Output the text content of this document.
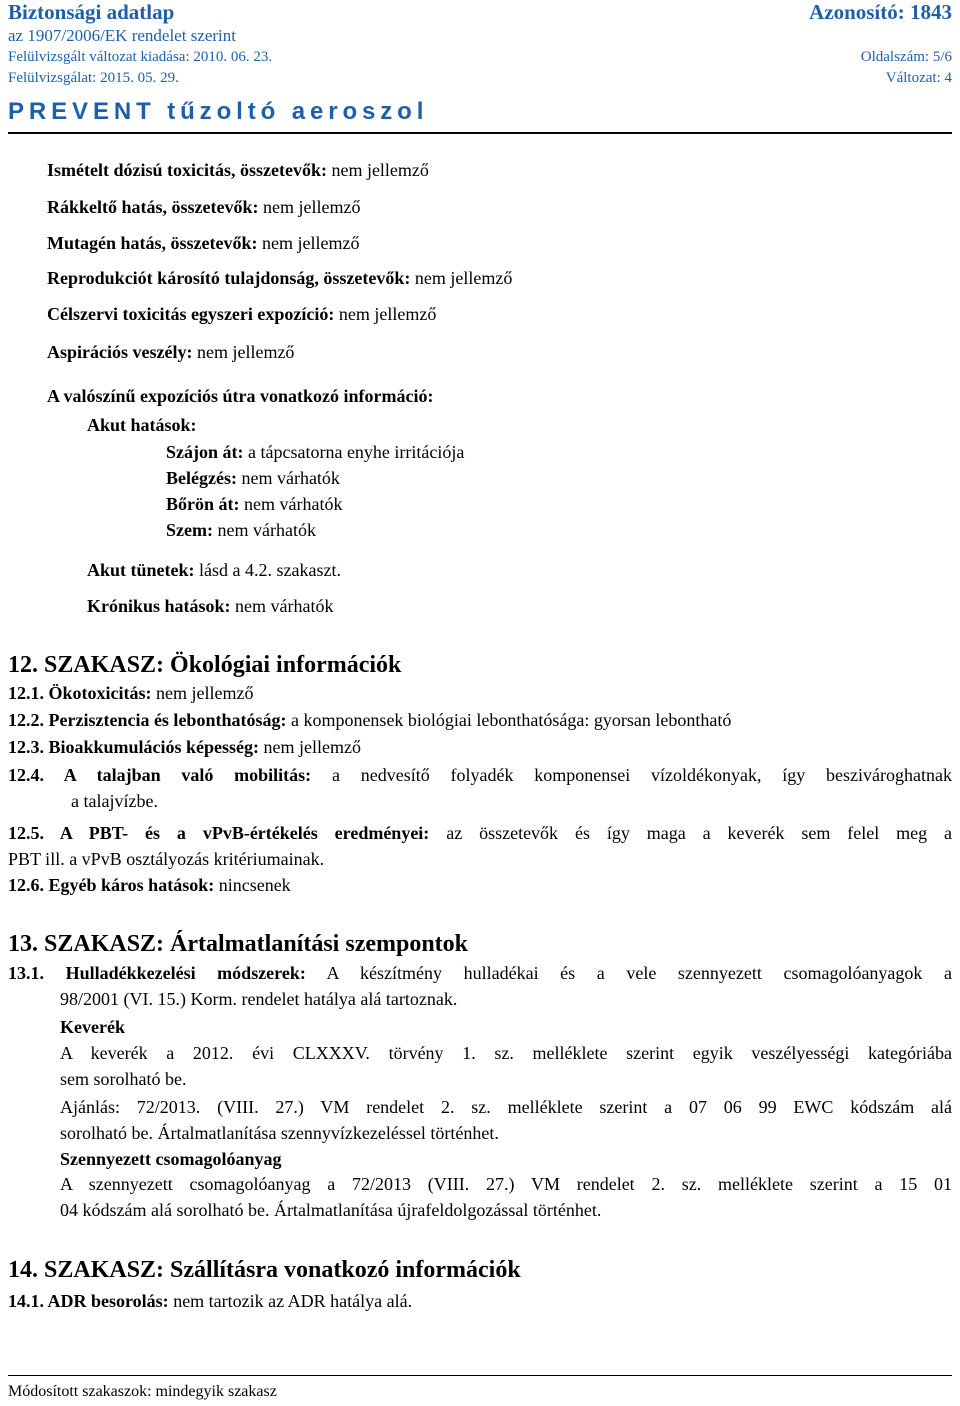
Biztonsági adatlap	Azonosító: 1843
az 1907/2006/EK rendelet szerint
Felülvizsgált változat kiadása: 2010. 06. 23.	Oldalszám: 5/6
Felülvizsgálat: 2015. 05. 29.	Változat: 4
PREVENT tűzoltó aeroszol
Ismételt dózisú toxicitás, összetevők: nem jellemző
Rákkeltő hatás, összetevők: nem jellemző
Mutagén hatás, összetevők: nem jellemző
Reprodukciót károsító tulajdonság, összetevők: nem jellemző
Célszervi toxicitás egyszeri expozíció: nem jellemző
Aspirációs veszély: nem jellemző
A valószínű expozíciós útra vonatkozó információ:
Akut hatások:
Szájon át: a tápcsatorna enyhe irritációja
Belégzés: nem várhatók
Bőrön át: nem várhatók
Szem: nem várhatók
Akut tünetek: lásd a 4.2. szakaszt.
Krónikus hatások: nem várhatók
12. SZAKASZ: Ökológiai információk
12.1. Ökotoxicitás: nem jellemző
12.2. Perzisztencia és lebonthatóság: a komponensek biológiai lebonthatósága: gyorsan lebontható
12.3. Bioakkumulációs képesség: nem jellemző
12.4. A talajban való mobilitás: a nedvesítő folyadék komponensei vízoldékonyak, így beszivároghatnak
a talajvízbe.
12.5. A PBT- és a vPvB-értékelés eredményei: az összetevők és így maga a keverék sem felel meg a
PBT ill. a vPvB osztályozás kritériumainak.
12.6. Egyéb káros hatások: nincsenek
13. SZAKASZ: Ártalmatlanítási szempontok
13.1. Hulladékkezelési módszerek: A készítmény hulladékai és a vele szennyezett csomagolóanyagok a
98/2001 (VI. 15.) Korm. rendelet hatálya alá tartoznak.
Keverék
A keverék a 2012. évi CLXXXV. törvény 1. sz. melléklete szerint egyik veszélyességi kategóriába
sem sorolható be.
Ajánlás: 72/2013. (VIII. 27.) VM rendelet 2. sz. melléklete szerint a 07 06 99 EWC kódszám alá
sorolható be. Ártalmatlanítása szennyvízkezeléssel történhet.
Szennyezett csomagolóanyag
A szennyezett csomagolóanyag a 72/2013 (VIII. 27.) VM rendelet 2. sz. melléklete szerint a 15 01
04 kódszám alá sorolható be. Ártalmatlanítása újrafeldolgozással történhet.
14. SZAKASZ: Szállításra vonatkozó információk
14.1. ADR besorolás: nem tartozik az ADR hatálya alá.
Módosított szakaszok: mindegyik szakasz
